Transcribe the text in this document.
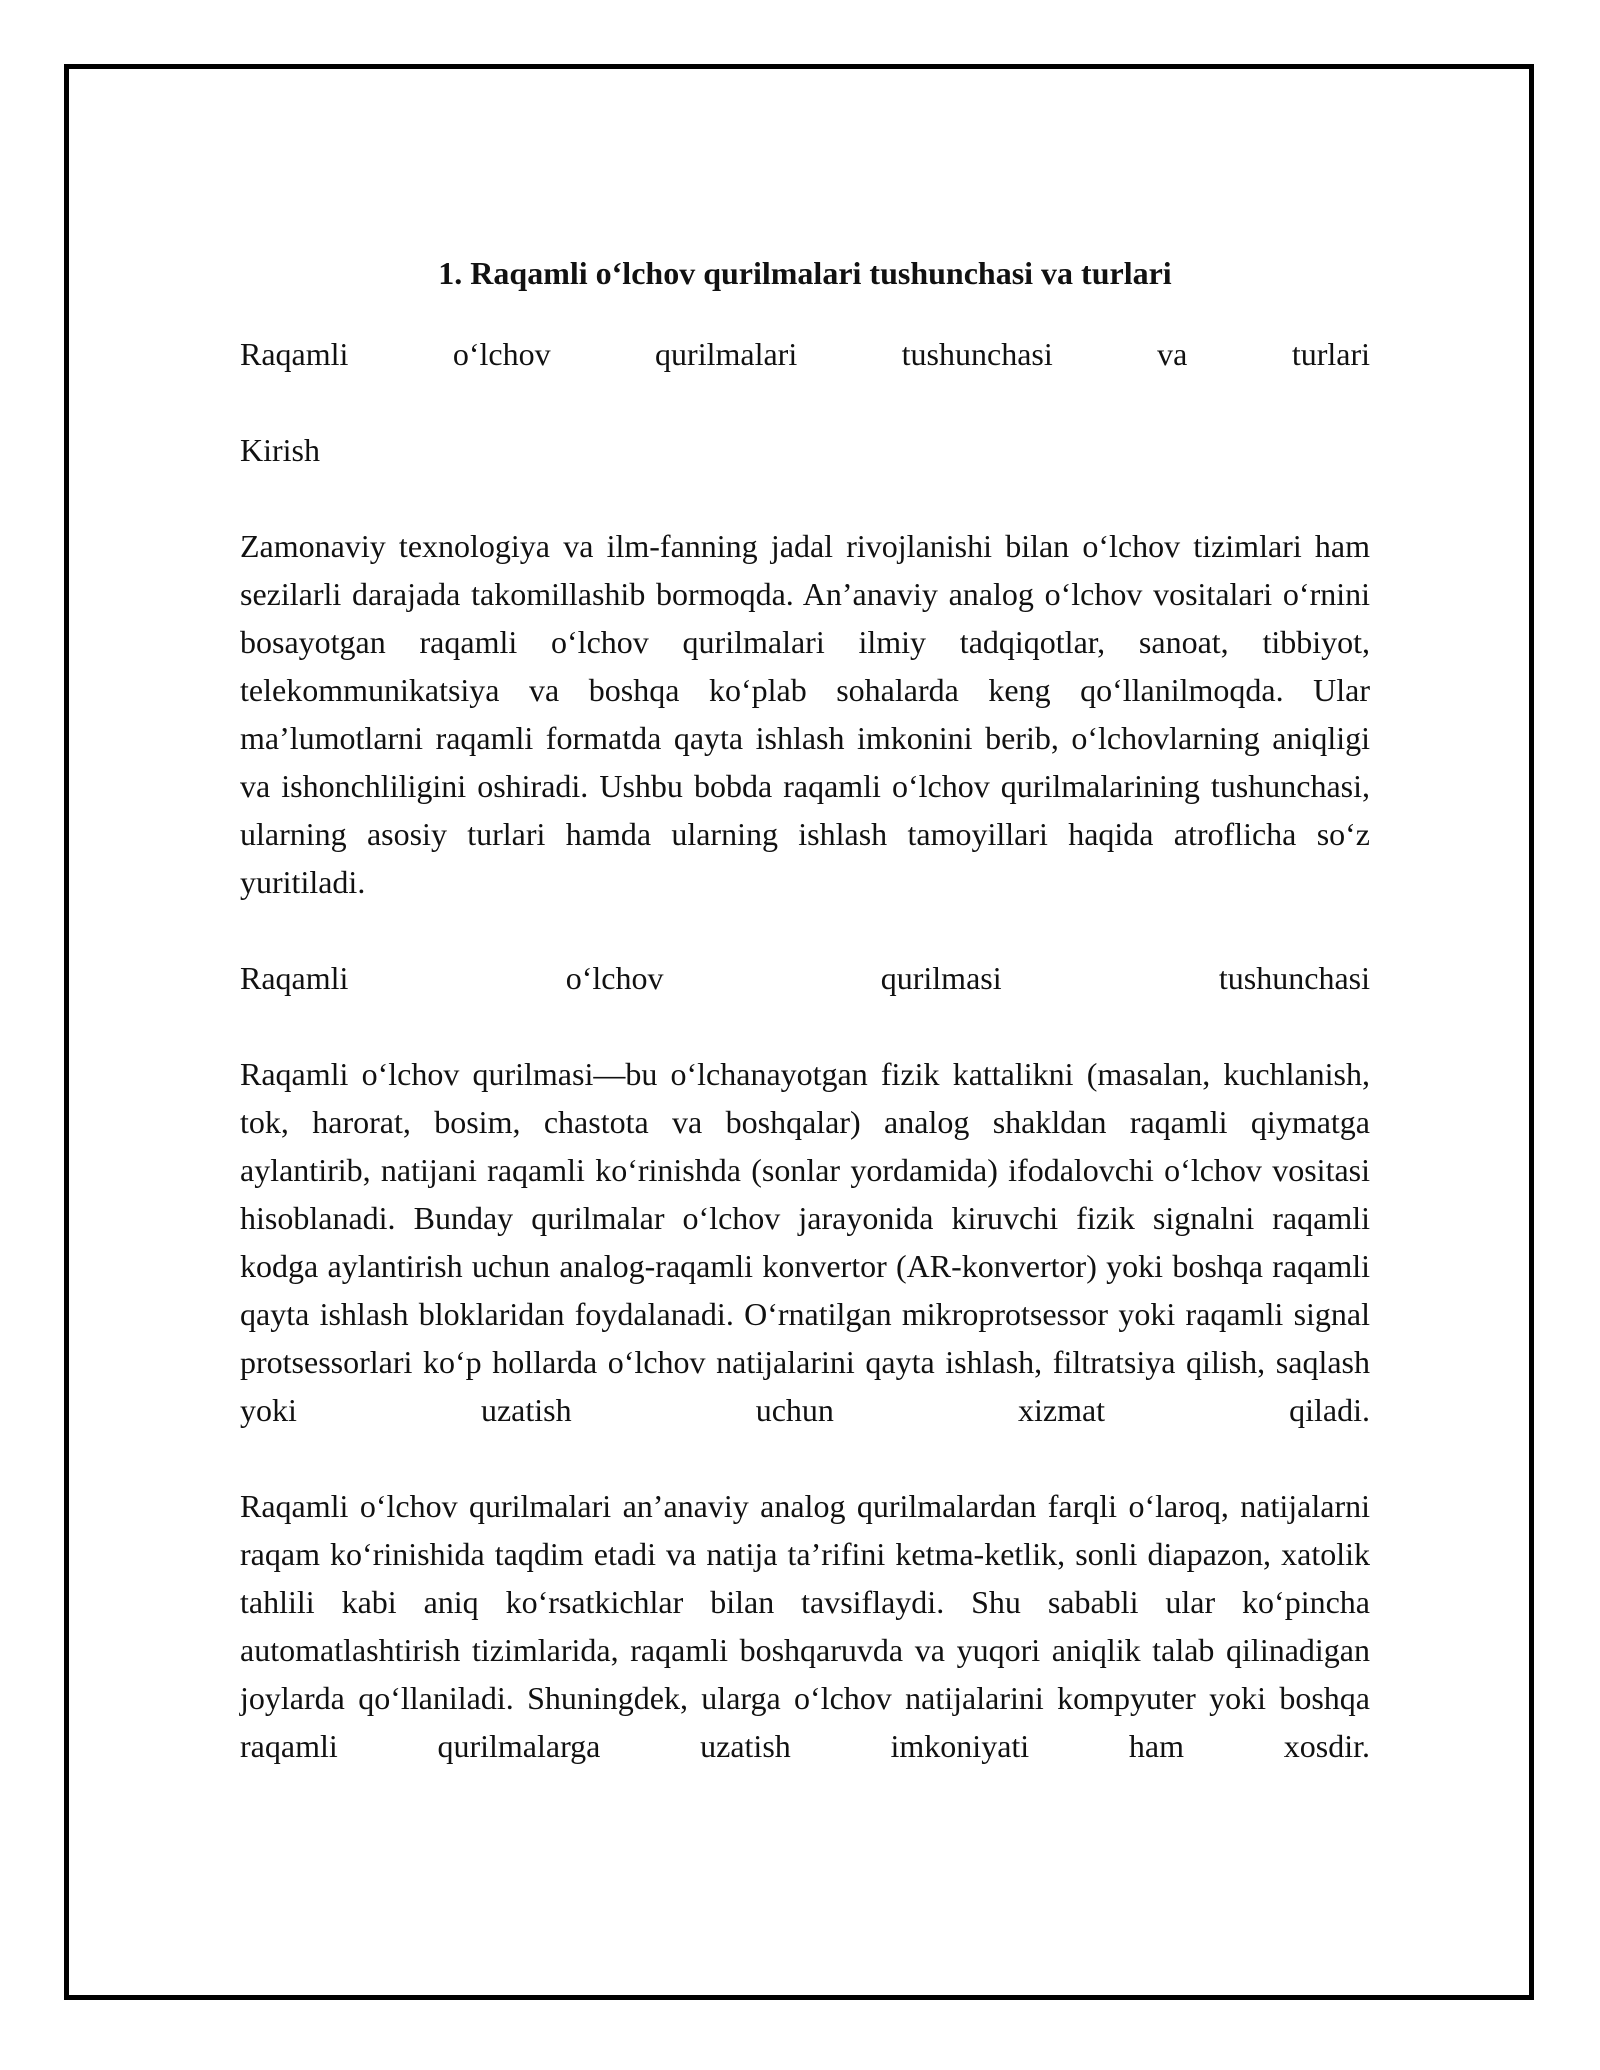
1. Raqamli o‘lchov qurilmalari tushunchasi va turlari

Raqamli o‘lchov qurilmalari tushunchasi va turlari

Kirish

Zamonaviy texnologiya va ilm-fanning jadal rivojlanishi bilan o‘lchov tizimlari ham sezilarli darajada takomillashib bormoqda. An’anaviy analog o‘lchov vositalari o‘rnini bosayotgan raqamli o‘lchov qurilmalari ilmiy tadqiqotlar, sanoat, tibbiyot, telekommunikatsiya va boshqa ko‘plab sohalarda keng qo‘llanilmoqda. Ular ma’lumotlarni raqamli formatda qayta ishlash imkonini berib, o‘lchovlarning aniqligi va ishonchliligini oshiradi. Ushbu bobda raqamli o‘lchov qurilmalarining tushunchasi, ularning asosiy turlari hamda ularning ishlash tamoyillari haqida atroflicha so‘z yuritiladi.

Raqamli o‘lchov qurilmasi tushunchasi

Raqamli o‘lchov qurilmasi—bu o‘lchanayotgan fizik kattalikni (masalan, kuchlanish, tok, harorat, bosim, chastota va boshqalar) analog shakldan raqamli qiymatga aylantirib, natijani raqamli ko‘rinishda (sonlar yordamida) ifodalovchi o‘lchov vositasi hisoblanadi. Bunday qurilmalar o‘lchov jarayonida kiruvchi fizik signalni raqamli kodga aylantirish uchun analog-raqamli konvertor (AR-konvertor) yoki boshqa raqamli qayta ishlash bloklaridan foydalanadi. O‘rnatilgan mikroprotsessor yoki raqamli signal protsessorlari ko‘p hollarda o‘lchov natijalarini qayta ishlash, filtratsiya qilish, saqlash yoki uzatish uchun xizmat qiladi.

Raqamli o‘lchov qurilmalari an’anaviy analog qurilmalardan farqli o‘laroq, natijalarni raqam ko‘rinishida taqdim etadi va natija ta’rifini ketma-ketlik, sonli diapazon, xatolik tahlili kabi aniq ko‘rsatkichlar bilan tavsiflaydi. Shu sababli ular ko‘pincha automatlashtirish tizimlarida, raqamli boshqaruvda va yuqori aniqlik talab qilinadigan joylarda qo‘llaniladi. Shuningdek, ularga o‘lchov natijalarini kompyuter yoki boshqa raqamli qurilmalarga uzatish imkoniyati ham xosdir.
